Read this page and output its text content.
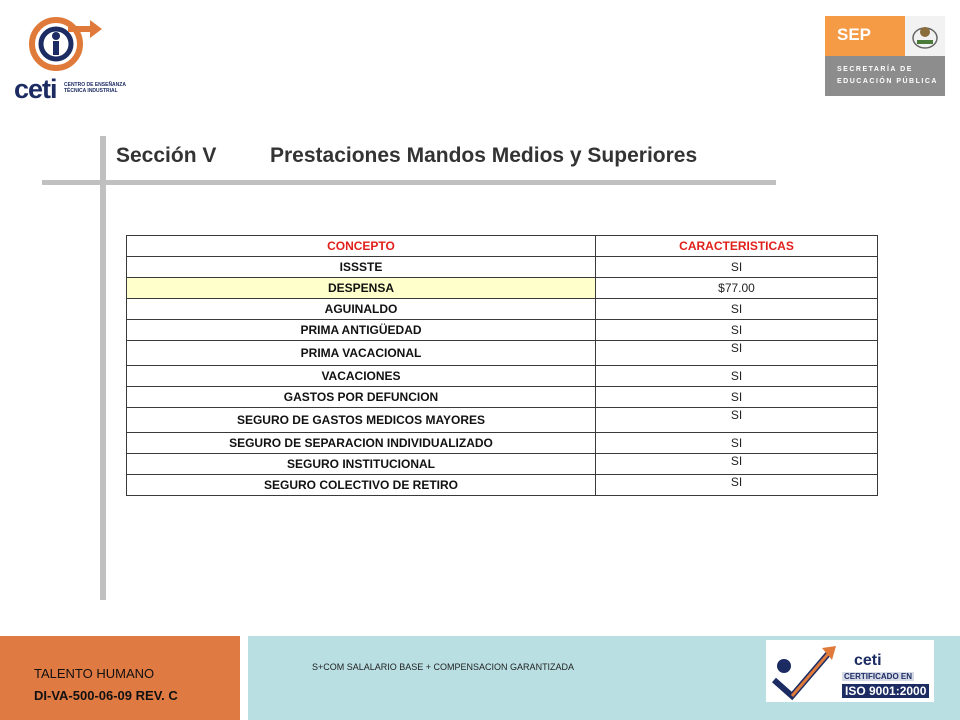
ceti CENTRO DE ENSEÑANZA TÉCNICA INDUSTRIAL
SEP
SECRETARÍA DE
EDUCACIÓN PÚBLICA
Sección V	Prestaciones Mandos Medios y Superiores
CONCEPTO	CARACTERISTICAS
ISSSTE	SI
DESPENSA	$77.00
AGUINALDO	SI
PRIMA ANTIGÜEDAD	SI
PRIMA VACACIONAL	SI
VACACIONES	SI
GASTOS POR DEFUNCION	SI
SEGURO DE GASTOS MEDICOS MAYORES	SI
SEGURO DE SEPARACION INDIVIDUALIZADO	SI
SEGURO INSTITUCIONAL	SI
SEGURO COLECTIVO DE RETIRO	SI
TALENTO HUMANO
DI-VA-500-06-09 REV. C
S+COM SALALARIO BASE + COMPENSACION GARANTIZADA	ceti
CERTIFICADO EN
ISO 9001:2000
